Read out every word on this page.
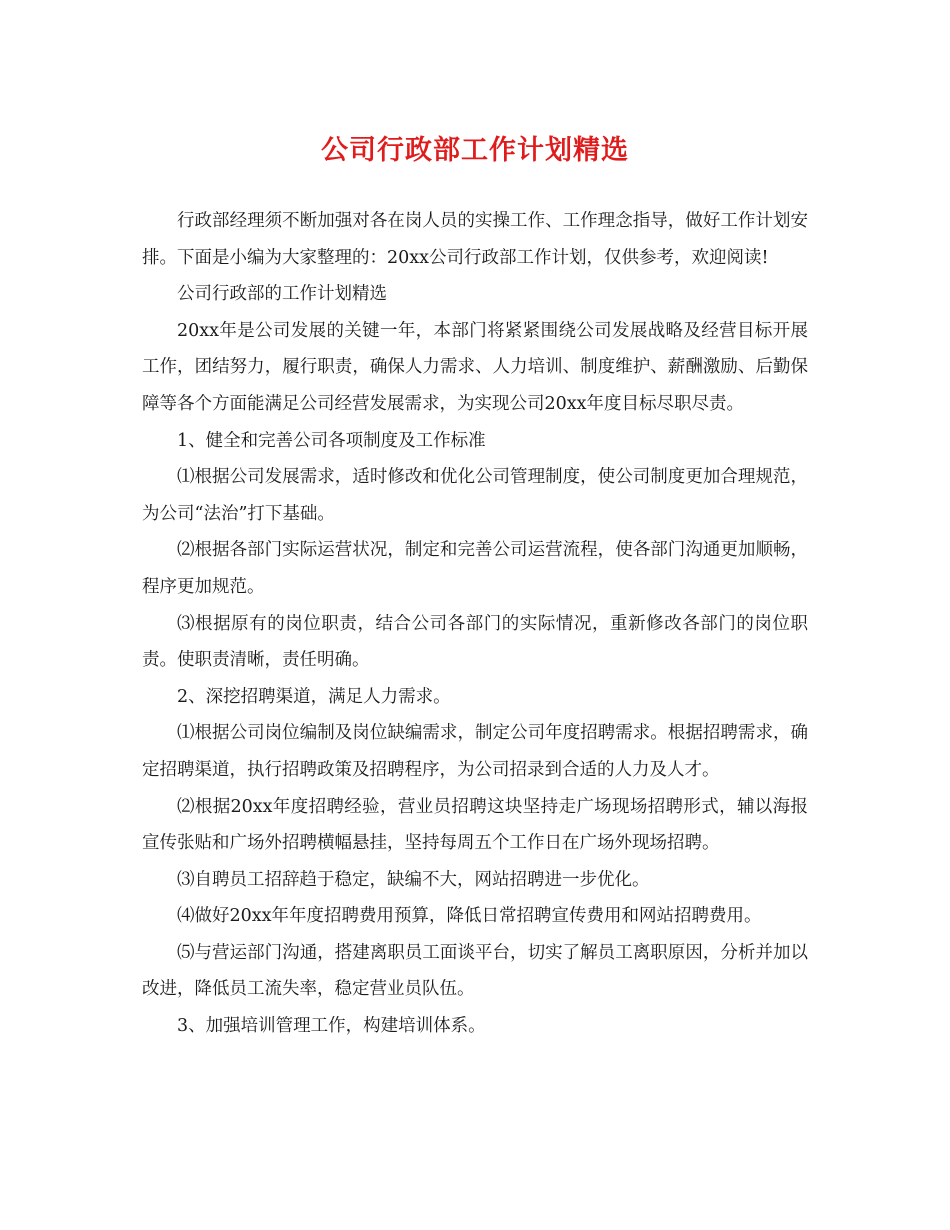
公司行政部工作计划精选

行政部经理须不断加强对各在岗人员的实操工作、工作理念指导，做好工作计划安排。下面是小编为大家整理的：20xx公司行政部工作计划，仅供参考，欢迎阅读!

公司行政部的工作计划精选

20xx年是公司发展的关键一年，本部门将紧紧围绕公司发展战略及经营目标开展工作，团结努力，履行职责，确保人力需求、人力培训、制度维护、薪酬激励、后勤保障等各个方面能满足公司经营发展需求，为实现公司20xx年度目标尽职尽责。

1、健全和完善公司各项制度及工作标准

⑴根据公司发展需求，适时修改和优化公司管理制度，使公司制度更加合理规范，为公司“法治”打下基础。

⑵根据各部门实际运营状况，制定和完善公司运营流程，使各部门沟通更加顺畅，程序更加规范。

⑶根据原有的岗位职责，结合公司各部门的实际情况，重新修改各部门的岗位职责。使职责清晰，责任明确。

2、深挖招聘渠道，满足人力需求。

⑴根据公司岗位编制及岗位缺编需求，制定公司年度招聘需求。根据招聘需求，确定招聘渠道，执行招聘政策及招聘程序，为公司招录到合适的人力及人才。

⑵根据20xx年度招聘经验，营业员招聘这块坚持走广场现场招聘形式，辅以海报宣传张贴和广场外招聘横幅悬挂，坚持每周五个工作日在广场外现场招聘。

⑶自聘员工招辞趋于稳定，缺编不大，网站招聘进一步优化。

⑷做好20xx年年度招聘费用预算，降低日常招聘宣传费用和网站招聘费用。

⑸与营运部门沟通，搭建离职员工面谈平台，切实了解员工离职原因，分析并加以改进，降低员工流失率，稳定营业员队伍。

3、加强培训管理工作，构建培训体系。
